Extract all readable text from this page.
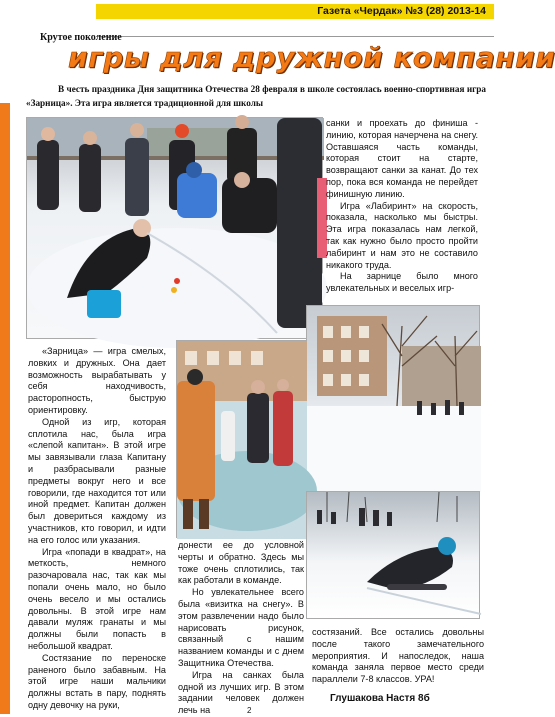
Газета «Чердак» №3 (28) 2013-14
Крутое поколение
игры для дружной компании

В честь праздника Дня защитника Отечества 28 февраля в школе состоялась военно-спортивная игра «Зарница». Эта игра является традиционной для школы

санки и проехать до финиша - линию, которая начерчена на снегу. Оставшаяся часть команды, которая стоит на старте, возвращают санки за канат. До тех пор, пока вся команда не перейдет финишную линию.

Игра «Лабиринт» на скорость, показала, насколько мы быстры. Эта игра показалась нам легкой, так как нужно было просто пройти лабиринт и нам это не составило никакого труда.

На зарнице было много увлекательных и веселых игр-

«Зарница» — игра смелых, ловких и дружных. Она дает возможность вырабатывать у себя находчивость, расторопность, быструю ориентировку.

Одной из игр, которая сплотила нас, была игра «слепой капитан». В этой игре мы завязывали глаза Капитану и разбрасывали разные предметы вокруг него и все говорили, где находится тот или иной предмет. Капитан должен был довериться каждому из участников, кто говорил, и идти на его голос или указания.

Игра «попади в квадрат», на меткость, немного разочаровала нас, так как мы попали очень мало, но было очень весело и мы остались довольны. В этой игре нам давали муляж гранаты и мы должны были попасть в небольшой квадрат.

Состязание по переноске раненого было забавным. На этой игре наши мальчики должны встать в пару, поднять одну девочку на руки,

донести ее до условной черты и обратно. Здесь мы тоже очень сплотились, так как работали в команде.

Но увлекательнее всего была «визитка на снегу». В этом развлечении надо было нарисовать рисунок, связанный с нашим названием команды и с днем Защитника Отечества.

Игра на санках была одной из лучших игр. В этом задании человек должен лечь на

состязаний. Все остались довольны после такого замечательного мероприятия. И напоследок, наша команда заняла первое место среди параллели 7-8 классов. УРА!

Глушакова Настя 8б
2
